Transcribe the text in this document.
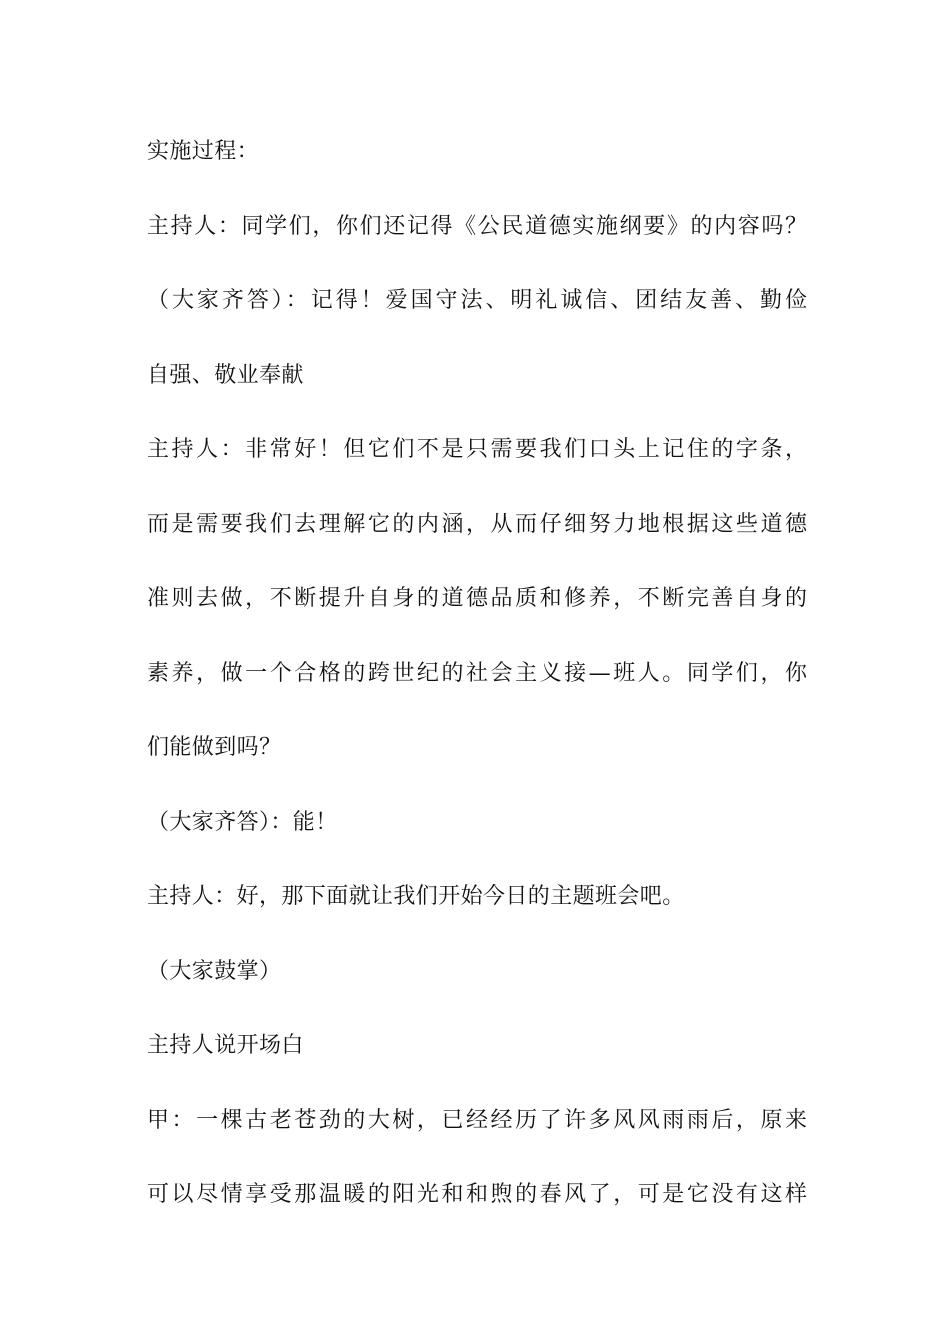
实施过程：
主持人：同学们，你们还记得《公民道德实施纲要》的内容吗？
（大家齐答）：记得！爱国守法、明礼诚信、团结友善、勤俭
自强、敬业奉献
主持人：非常好！但它们不是只需要我们口头上记住的字条，
而是需要我们去理解它的内涵，从而仔细努力地根据这些道德
准则去做，不断提升自身的道德品质和修养，不断完善自身的
素养，做一个合格的跨世纪的社会主义接—班人。同学们，你
们能做到吗？
（大家齐答）：能！
主持人：好，那下面就让我们开始今日的主题班会吧。
（大家鼓掌）
主持人说开场白
甲：一棵古老苍劲的大树，已经经历了许多风风雨雨后，原来
可以尽情享受那温暖的阳光和和煦的春风了，可是它没有这样
